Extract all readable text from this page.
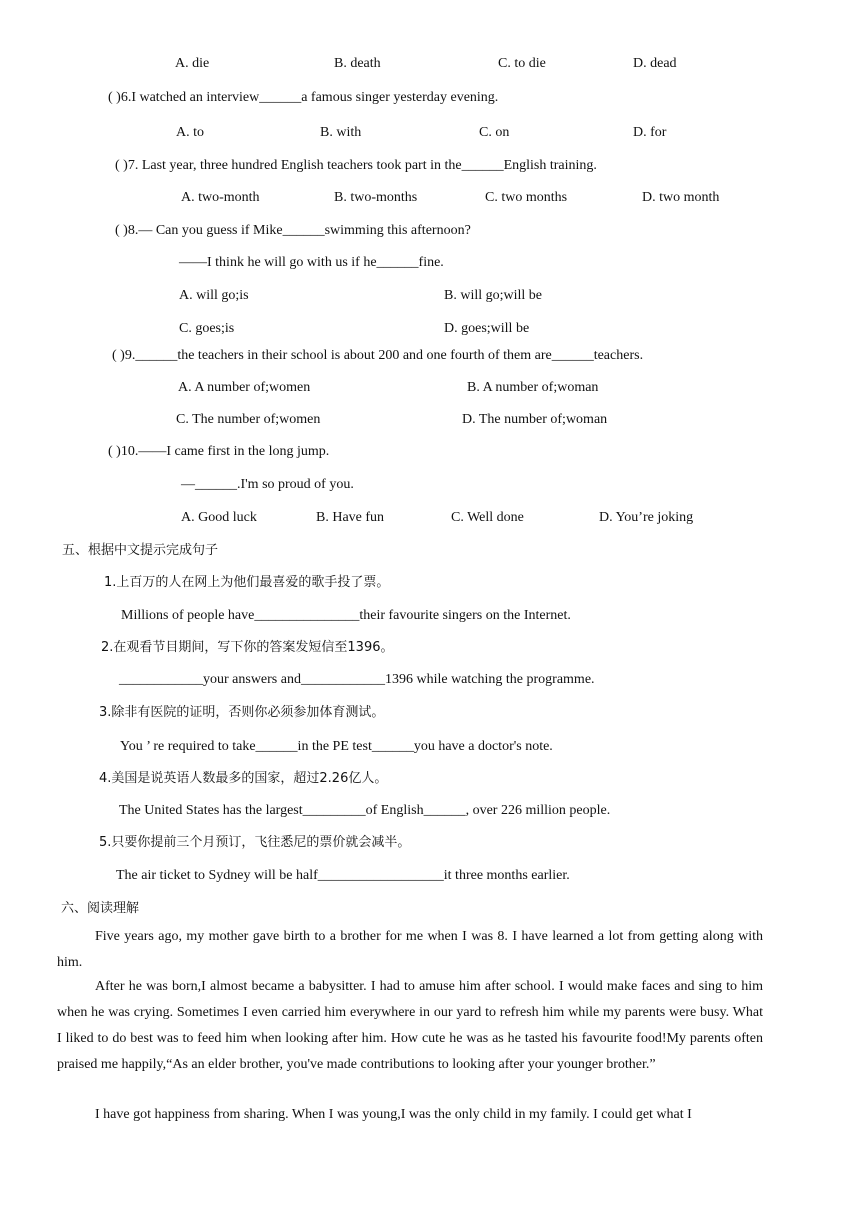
A. die	B. death	C. to die	D. dead
( )6.I watched an interview______a famous singer yesterday evening.
A. to	B. with	C. on	D. for
( )7. Last year, three hundred English teachers took part in the______English training.
A. two-month	B. two-months	C. two months	D. two month
( )8.— Can you guess if Mike______swimming this afternoon?
——I think he will go with us if he______fine.
A. will go;is	B. will go;will be
C. goes;is	D. goes;will be
( )9.______the teachers in their school is about 200 and one fourth of them are______teachers.
A. A number of;women	B. A number of;woman
C. The number of;women	D. The number of;woman
( )10.——I came first in the long jump.
—______.I'm so proud of you.
A. Good luck	B. Have fun	C. Well done	D. You’re joking
五、根据中文提示完成句子
1.上百万的人在网上为他们最喜爱的歌手投了票。
Millions of people have_______________their favourite singers on the Internet.
2.在观看节目期间，写下你的答案发短信至1396。
____________your answers and____________1396 while watching the programme.
3.除非有医院的证明，否则你必须参加体育测试。
You ’ re required to take______in the PE test______you have a doctor's note.
4.美国是说英语人数最多的国家，超过2.26亿人。
The United States has the largest_________of English______, over 226 million people.
5.只要你提前三个月预订，飞往悉尼的票价就会减半。
The air ticket to Sydney will be half__________________it three months earlier.
六、阅读理解

Five years ago, my mother gave birth to a brother for me when I was 8. I have learned a lot from getting along with him.

After he was born,I almost became a babysitter. I had to amuse him after school. I would make faces and sing to him when he was crying. Sometimes I even carried him everywhere in our yard to refresh him while my parents were busy. What I liked to do best was to feed him when looking after him. How cute he was as he tasted his favourite food!My parents often praised me happily,“As an elder brother, you've made contributions to looking after your younger brother.”

I have got happiness from sharing. When I was young,I was the only child in my family. I could get what I
